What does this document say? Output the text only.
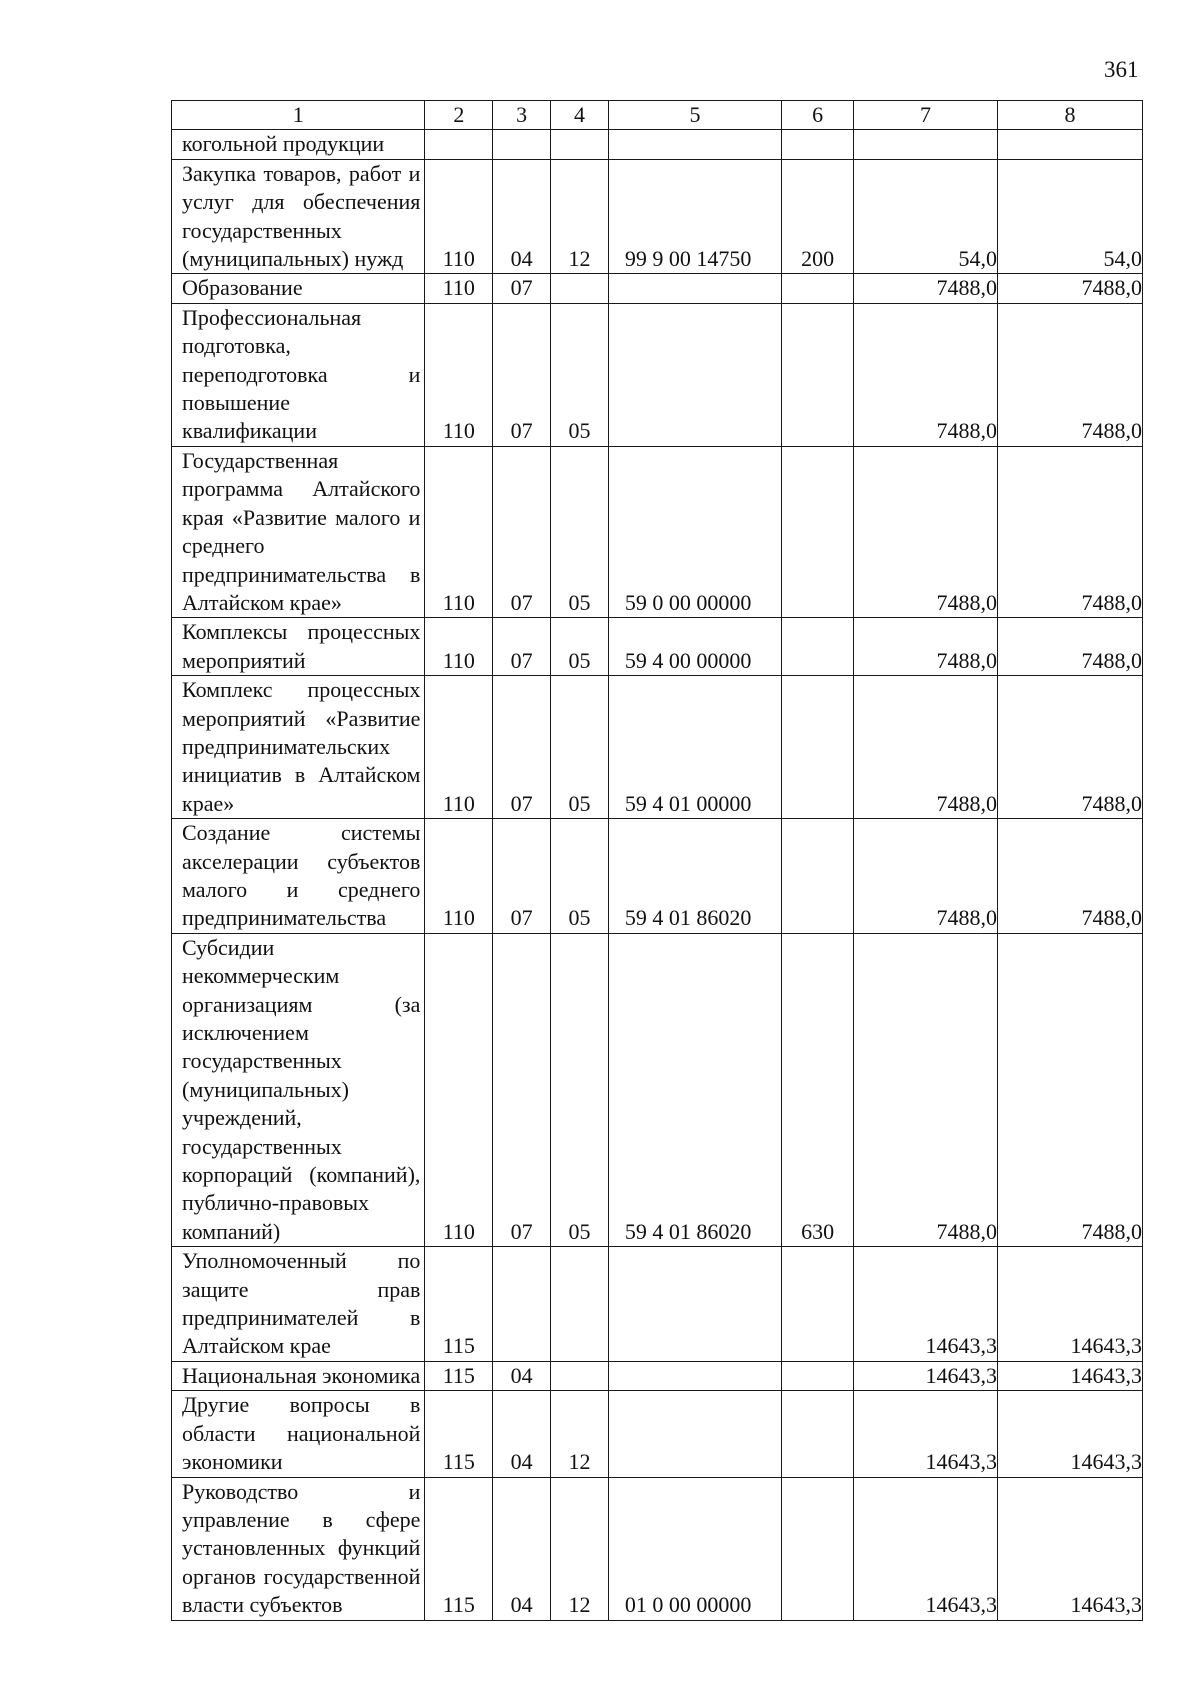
361
1	2	3	4	5	6	7	8
когольной продукции							
Закупка товаров, работ и услуг для обеспечения государственных (муниципальных) нужд	110	04	12	99 9 00 14750	200	54,0	54,0
Образование	110	07				7488,0	7488,0
Профессиональная подготовка, переподготовка и повышение квалификации	110	07	05			7488,0	7488,0
Государственная программа Алтайского края «Развитие малого и среднего предпринимательства в Алтайском крае»	110	07	05	59 0 00 00000		7488,0	7488,0
Комплексы процессных мероприятий	110	07	05	59 4 00 00000		7488,0	7488,0
Комплекс процессных мероприятий «Развитие предпринимательских инициатив в Алтайском крае»	110	07	05	59 4 01 00000		7488,0	7488,0
Создание системы акселерации субъектов малого и среднего предпринимательства	110	07	05	59 4 01 86020		7488,0	7488,0
Субсидии некоммерческим организациям (за исключением государственных (муниципальных) учреждений, государственных корпораций (компаний), публично-правовых компаний)	110	07	05	59 4 01 86020	630	7488,0	7488,0
Уполномоченный по защите прав предпринимателей в Алтайском крае	115					14643,3	14643,3
Национальная экономика	115	04				14643,3	14643,3
Другие вопросы в области национальной экономики	115	04	12			14643,3	14643,3
Руководство и управление в сфере установленных функций органов государственной власти субъектов	115	04	12	01 0 00 00000		14643,3	14643,3
